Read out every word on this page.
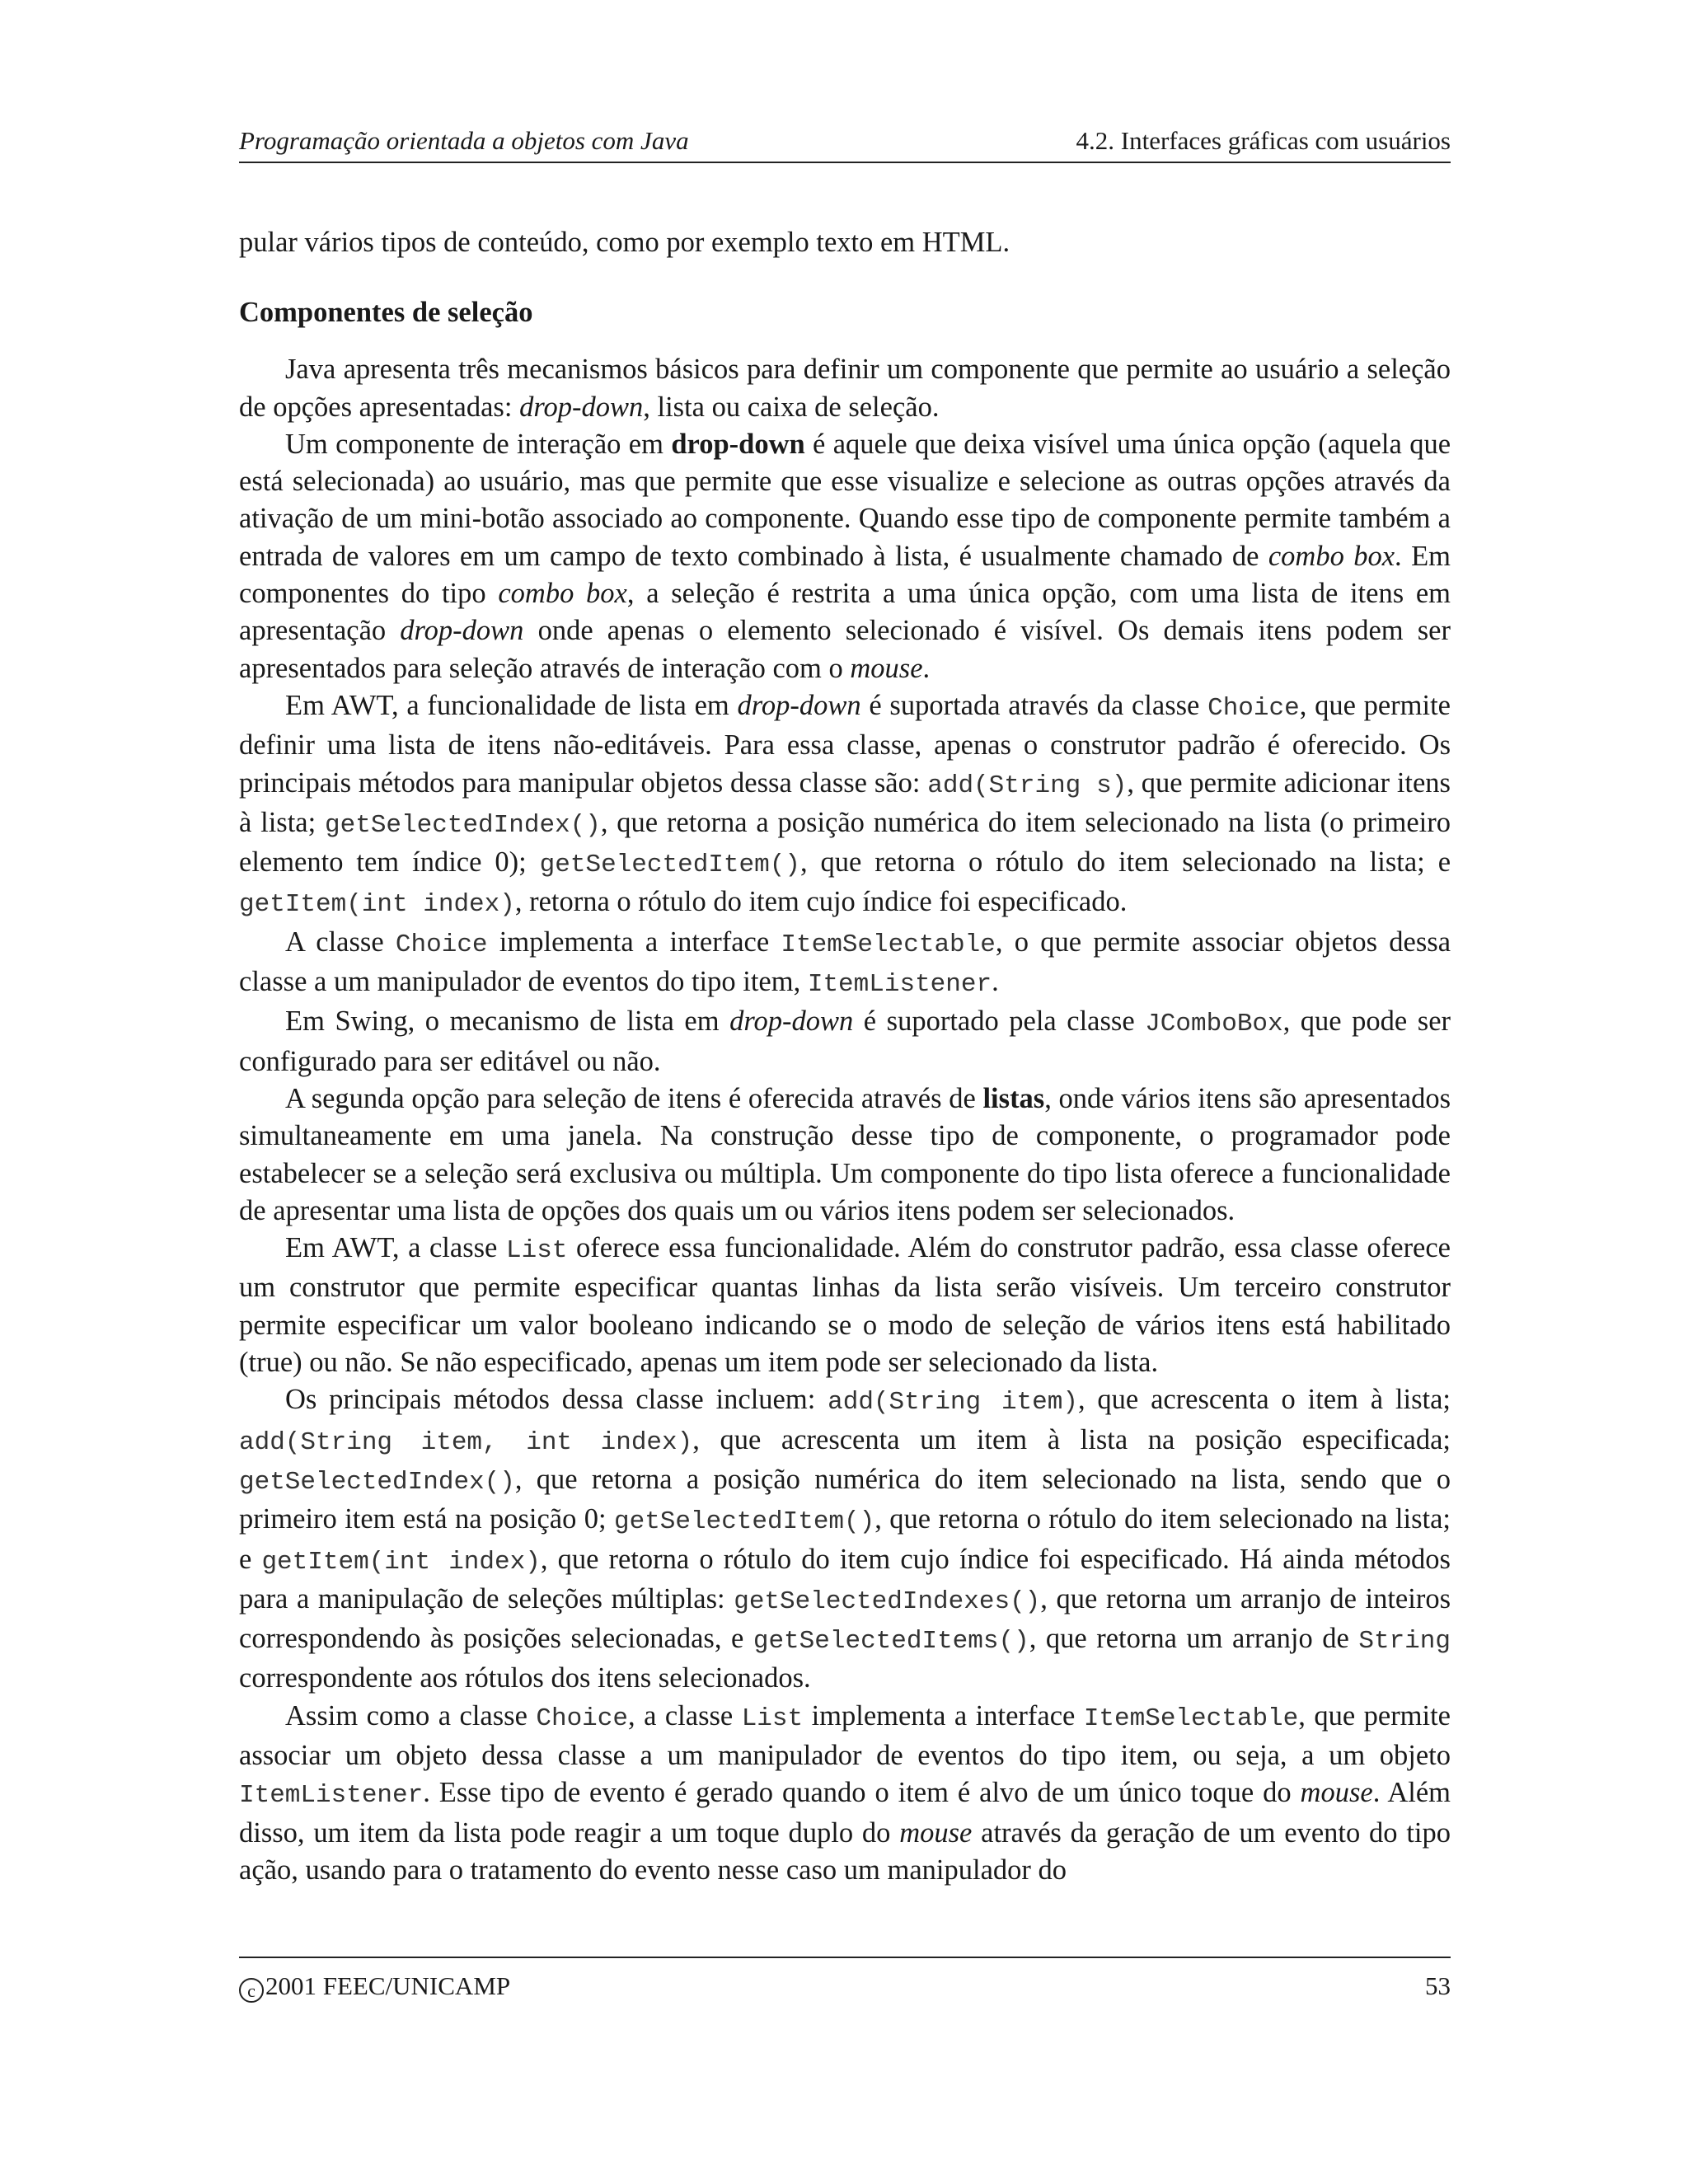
Programação orientada a objetos com Java	4.2. Interfaces gráficas com usuários

pular vários tipos de conteúdo, como por exemplo texto em HTML.

Componentes de seleção

Java apresenta três mecanismos básicos para definir um componente que permite ao usuário a seleção de opções apresentadas: drop-down, lista ou caixa de seleção.

Um componente de interação em drop-down é aquele que deixa visível uma única opção (aquela que está selecionada) ao usuário, mas que permite que esse visualize e selecione as outras opções através da ativação de um mini-botão associado ao componente. Quando esse tipo de componente permite também a entrada de valores em um campo de texto combinado à lista, é usualmente chamado de combo box. Em componentes do tipo combo box, a seleção é restrita a uma única opção, com uma lista de itens em apresentação drop-down onde apenas o elemento selecionado é visível. Os demais itens podem ser apresentados para seleção através de interação com o mouse.

Em AWT, a funcionalidade de lista em drop-down é suportada através da classe Choice, que permite definir uma lista de itens não-editáveis. Para essa classe, apenas o construtor padrão é oferecido. Os principais métodos para manipular objetos dessa classe são: add(String s), que permite adicionar itens à lista; getSelectedIndex(), que retorna a posição numérica do item selecionado na lista (o primeiro elemento tem índice 0); getSelectedItem(), que retorna o rótulo do item selecionado na lista; e getItem(int index), retorna o rótulo do item cujo índice foi especificado.

A classe Choice implementa a interface ItemSelectable, o que permite associar objetos dessa classe a um manipulador de eventos do tipo item, ItemListener.

Em Swing, o mecanismo de lista em drop-down é suportado pela classe JComboBox, que pode ser configurado para ser editável ou não.

A segunda opção para seleção de itens é oferecida através de listas, onde vários itens são apresentados simultaneamente em uma janela. Na construção desse tipo de componente, o programador pode estabelecer se a seleção será exclusiva ou múltipla. Um componente do tipo lista oferece a funcionalidade de apresentar uma lista de opções dos quais um ou vários itens podem ser selecionados.

Em AWT, a classe List oferece essa funcionalidade. Além do construtor padrão, essa classe oferece um construtor que permite especificar quantas linhas da lista serão visíveis. Um terceiro construtor permite especificar um valor booleano indicando se o modo de seleção de vários itens está habilitado (true) ou não. Se não especificado, apenas um item pode ser selecionado da lista.

Os principais métodos dessa classe incluem: add(String item), que acrescenta o item à lista; add(String item, int index), que acrescenta um item à lista na posição especificada; getSelectedIndex(), que retorna a posição numérica do item selecionado na lista, sendo que o primeiro item está na posição 0; getSelectedItem(), que retorna o rótulo do item selecionado na lista; e getItem(int index), que retorna o rótulo do item cujo índice foi especificado. Há ainda métodos para a manipulação de seleções múltiplas: getSelectedIndexes(), que retorna um arranjo de inteiros correspondendo às posições selecionadas, e getSelectedItems(), que retorna um arranjo de String correspondente aos rótulos dos itens selecionados.

Assim como a classe Choice, a classe List implementa a interface ItemSelectable, que permite associar um objeto dessa classe a um manipulador de eventos do tipo item, ou seja, a um objeto ItemListener. Esse tipo de evento é gerado quando o item é alvo de um único toque do mouse. Além disso, um item da lista pode reagir a um toque duplo do mouse através da geração de um evento do tipo ação, usando para o tratamento do evento nesse caso um manipulador do

c 2001 FEEC/UNICAMP	53
